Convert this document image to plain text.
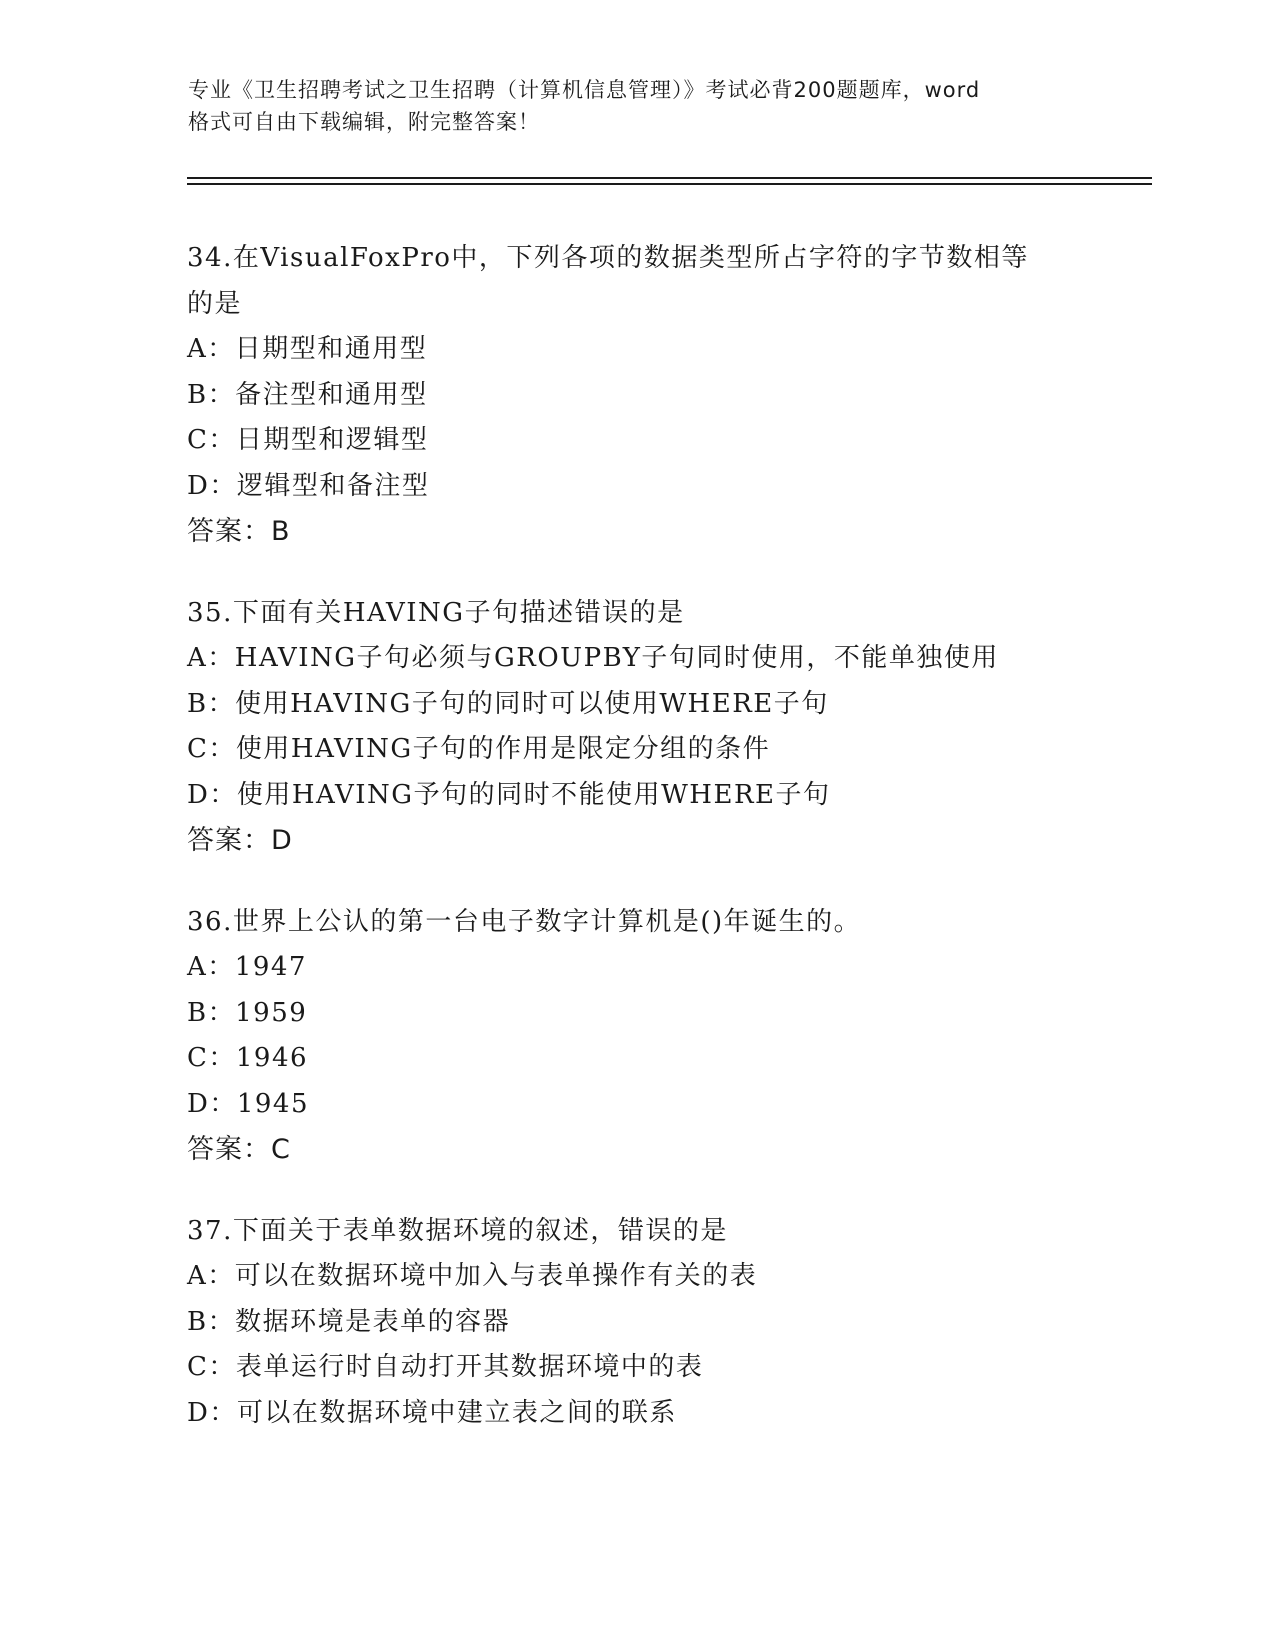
专业《卫生招聘考试之卫生招聘（计算机信息管理）》考试必背200题题库，word
格式可自由下载编辑，附完整答案！

34.在VisualFoxPro中，下列各项的数据类型所占字符的字节数相等

的是

A：日期型和通用型

B：备注型和通用型

C：日期型和逻辑型

D：逻辑型和备注型

答案：B

35.下面有关HAVING子句描述错误的是

A：HAVING子句必须与GROUPBY子句同时使用，不能单独使用

B：使用HAVING子句的同时可以使用WHERE子句

C：使用HAVING子句的作用是限定分组的条件

D：使用HAVING予句的同时不能使用WHERE子句

答案：D

36.世界上公认的第一台电子数字计算机是()年诞生的。

A：1947

B：1959

C：1946

D：1945

答案：C

37.下面关于表单数据环境的叙述，错误的是

A：可以在数据环境中加入与表单操作有关的表

B：数据环境是表单的容器

C：表单运行时自动打开其数据环境中的表

D：可以在数据环境中建立表之间的联系
